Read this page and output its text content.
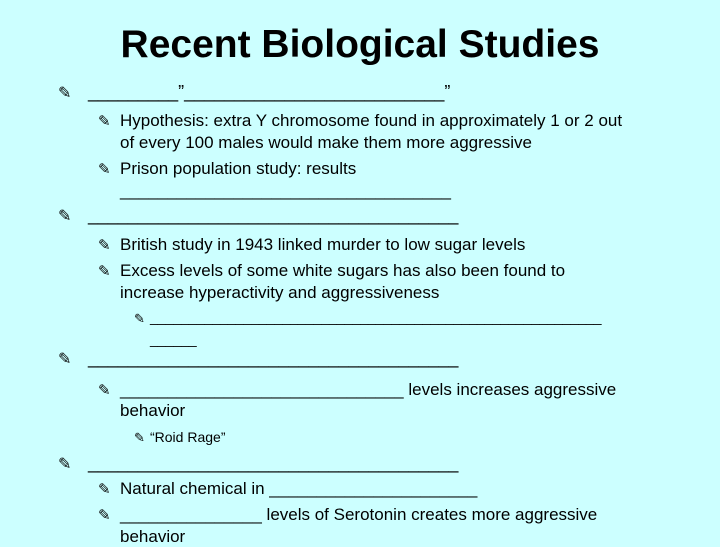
Recent Biological Studies
✎ _________”__________________________”
✎ Hypothesis: extra Y chromosome found in approximately 1 or 2 out
of every 100 males would make them more aggressive
✎ Prison population study: results
___________________________________
✎ _____________________________________
✎ British study in 1943 linked murder to low sugar levels
✎ Excess levels of some white sugars has also been found to
increase hyperactivity and aggressiveness
✎ __________________________________________________________
______
✎ _____________________________________
✎ ______________________________ levels increases aggressive
behavior
✎ “Roid Rage”
✎ _____________________________________
✎ Natural chemical in ______________________
✎ _______________ levels of Serotonin creates more aggressive
behavior
